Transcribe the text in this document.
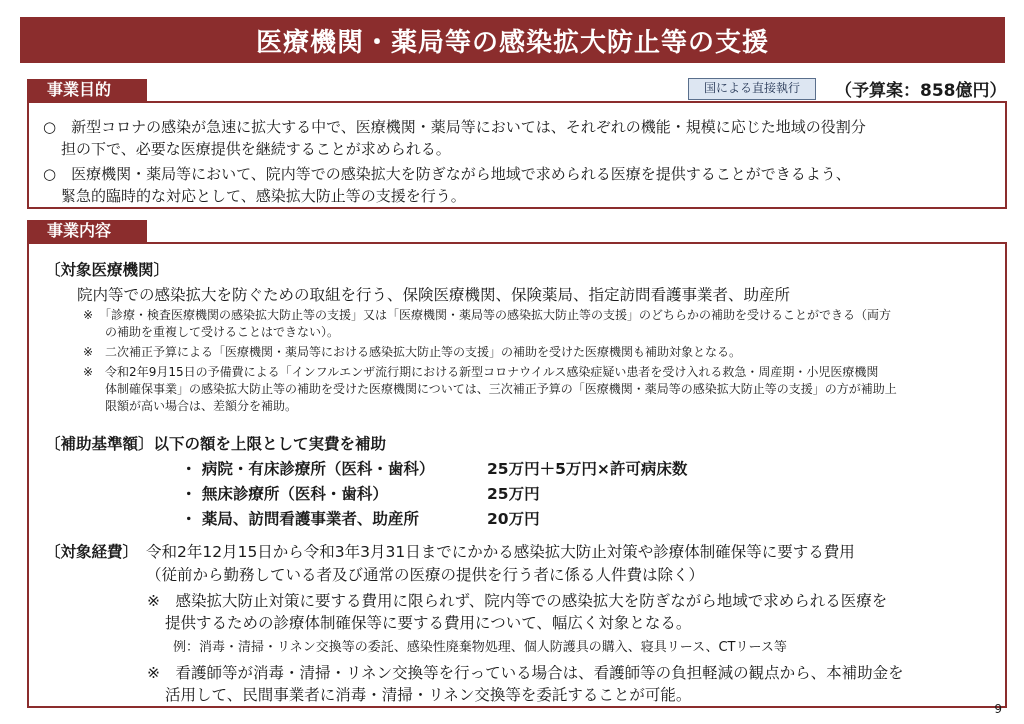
医療機関・薬局等の感染拡大防止等の支援
事業目的	国による直接執行	（予算案：858億円）
○　新型コロナの感染が急速に拡大する中で、医療機関・薬局等においては、それぞれの機能・規模に応じた地域の役割分
担の下で、必要な医療提供を継続することが求められる。
○　医療機関・薬局等において、院内等での感染拡大を防ぎながら地域で求められる医療を提供することができるよう、
緊急的臨時的な対応として、感染拡大防止等の支援を行う。
事業内容
〔対象医療機関〕
院内等での感染拡大を防ぐための取組を行う、保険医療機関、保険薬局、指定訪問看護事業者、助産所
※　「診療・検査医療機関の感染拡大防止等の支援」又は「医療機関・薬局等の感染拡大防止等の支援」のどちらかの補助を受けることができる（両方
の補助を重複して受けることはできない）。
※　二次補正予算による「医療機関・薬局等における感染拡大防止等の支援」の補助を受けた医療機関も補助対象となる。
※　令和2年9月15日の予備費による「インフルエンザ流行期における新型コロナウイルス感染症疑い患者を受け入れる救急・周産期・小児医療機関
体制確保事業」の感染拡大防止等の補助を受けた医療機関については、三次補正予算の「医療機関・薬局等の感染拡大防止等の支援」の方が補助上
限額が高い場合は、差額分を補助。
〔補助基準額〕以下の額を上限として実費を補助
・ 病院・有床診療所（医科・歯科）	25万円＋5万円×許可病床数
・ 無床診療所（医科・歯科）	25万円
・ 薬局、訪問看護事業者、助産所	20万円
〔対象経費〕 令和2年12月15日から令和3年3月31日までにかかる感染拡大防止対策や診療体制確保等に要する費用
（従前から勤務している者及び通常の医療の提供を行う者に係る人件費は除く）
※　感染拡大防止対策に要する費用に限られず、院内等での感染拡大を防ぎながら地域で求められる医療を
提供するための診療体制確保等に要する費用について、幅広く対象となる。
例：消毒・清掃・リネン交換等の委託、感染性廃棄物処理、個人防護具の購入、寝具リース、CTリース等
※　看護師等が消毒・清掃・リネン交換等を行っている場合は、看護師等の負担軽減の観点から、本補助金を
活用して、民間事業者に消毒・清掃・リネン交換等を委託することが可能。
9
